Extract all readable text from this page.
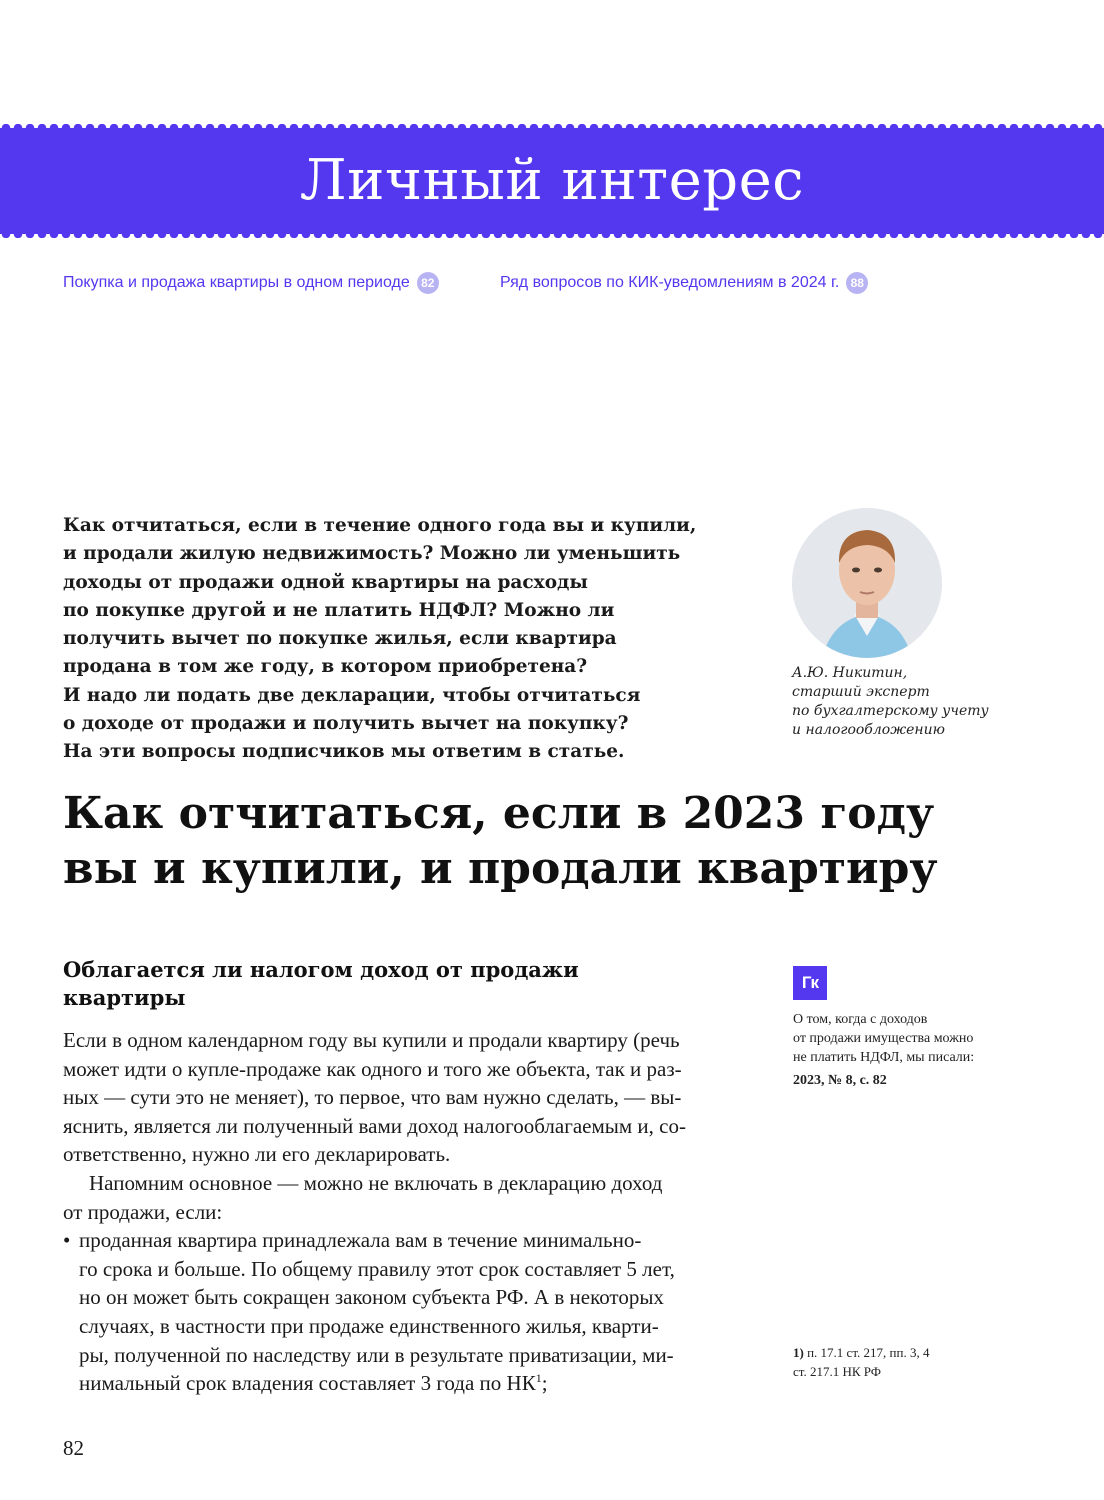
Личный интерес
Покупка и продажа квартиры в одном периоде 82	Ряд вопросов по КИК-уведомлениям в 2024 г. 88
Как отчитаться, если в течение одного года вы и купили,
и продали жилую недвижимость? Можно ли уменьшить
доходы от продажи одной квартиры на расходы
по покупке другой и не платить НДФЛ? Можно ли
получить вычет по покупке жилья, если квартира
продана в том же году, в котором приобретена?
И надо ли подать две декларации, чтобы отчитаться
о доходе от продажи и получить вычет на покупку?
На эти вопросы подписчиков мы ответим в статье.
А.Ю. Никитин,
старший эксперт
по бухгалтерскому учету
и налогообложению
Как отчитаться, если в 2023 году
вы и купили, и продали квартиру
Облагается ли налогом доход от продажи
квартиры
Если в одном календарном году вы купили и продали квартиру (речь
может идти о купле-продаже как одного и того же объекта, так и раз-
ных — сути это не меняет), то первое, что вам нужно сделать, — вы-
яснить, является ли полученный вами доход налогооблагаемым и, со-
ответственно, нужно ли его декларировать.
Напомним основное — можно не включать в декларацию доход
от продажи, если:
• проданная квартира принадлежала вам в течение минимально-
го срока и больше. По общему правилу этот срок составляет 5 лет,
но он может быть сокращен законом субъекта РФ. А в некоторых
случаях, в частности при продаже единственного жилья, кварти-
ры, полученной по наследству или в результате приватизации, ми-
нимальный срок владения составляет 3 года по $НК^1$;
Гк
О том, когда с доходов
от продажи имущества можно
не платить НДФЛ, мы писали:
2023, № 8, с. 82
1) п. 17.1 ст. 217, пп. 3, 4
ст. 217.1 НК РФ
82
